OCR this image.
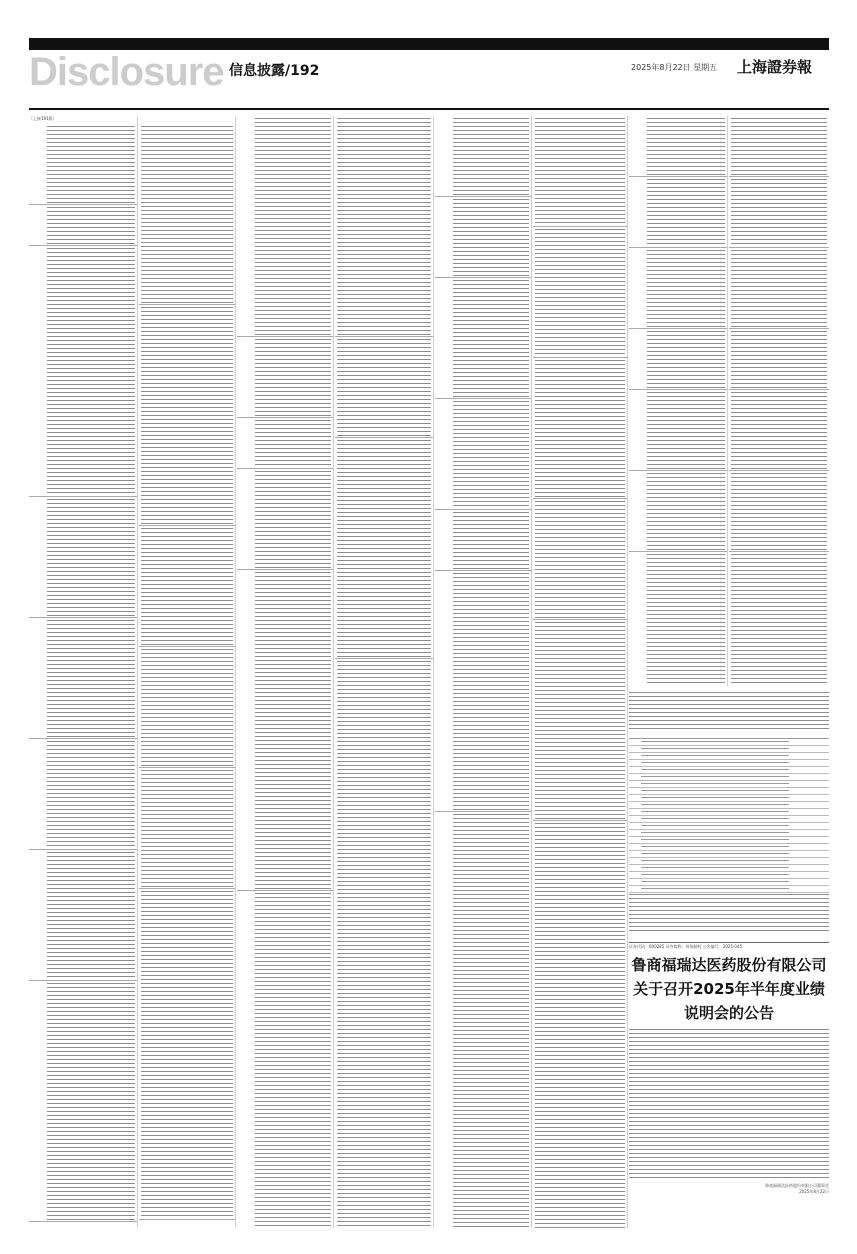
Disclosure 信息披露/192	2025年8月22日 星期五 上海證券報
（上接191版）
证券代码：600285 证券简称：羚锐制药 公告编号：2025-045
鲁商福瑞达医药股份有限公司
关于召开2025年半年度业绩
说明会的公告
鲁商福瑞达医药股份有限公司董事会
2025年8月22日
